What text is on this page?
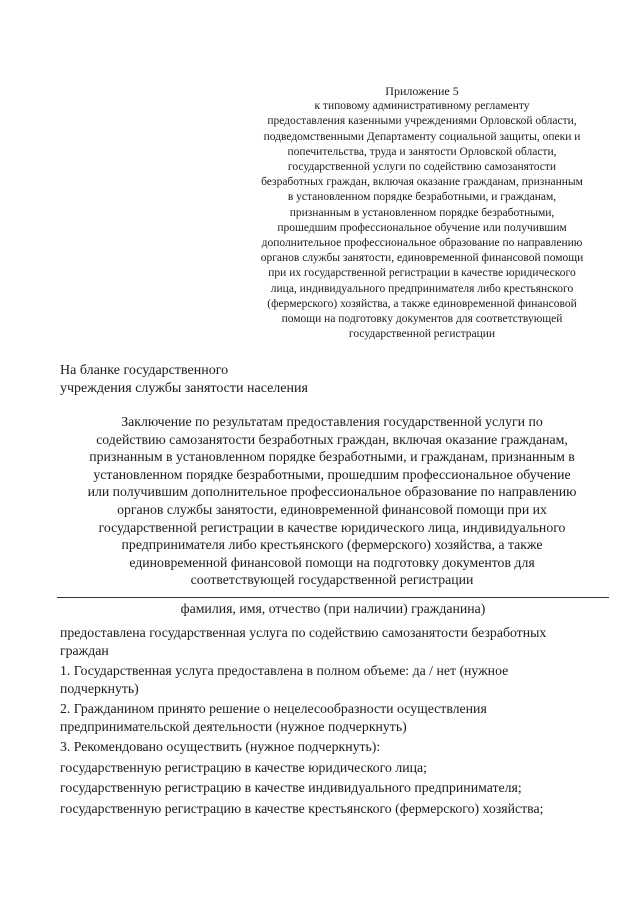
Приложение 5
к типовому административному регламенту
предоставления казенными учреждениями Орловской области,
подведомственными Департаменту социальной защиты, опеки и
попечительства, труда и занятости Орловской области,
государственной услуги по содействию самозанятости
безработных граждан, включая оказание гражданам, признанным
в установленном порядке безработными, и гражданам,
признанным в установленном порядке безработными,
прошедшим профессиональное обучение или получившим
дополнительное профессиональное образование по направлению
органов службы занятости, единовременной финансовой помощи
при их государственной регистрации в качестве юридического
лица, индивидуального предпринимателя либо крестьянского
(фермерского) хозяйства, а также единовременной финансовой
помощи на подготовку документов для соответствующей
государственной регистрации
На бланке государственного
учреждения службы занятости населения
Заключение по результатам предоставления государственной услуги по
содействию самозанятости безработных граждан, включая оказание гражданам,
признанным в установленном порядке безработными, и гражданам, признанным в
установленном порядке безработными, прошедшим профессиональное обучение
или получившим дополнительное профессиональное образование по направлению
органов службы занятости, единовременной финансовой помощи при их
государственной регистрации в качестве юридического лица, индивидуального
предпринимателя либо крестьянского (фермерского) хозяйства, а также
единовременной финансовой помощи на подготовку документов для
соответствующей государственной регистрации
фамилия, имя, отчество (при наличии) гражданина)
предоставлена государственная услуга по содействию самозанятости безработных
граждан
1. Государственная услуга предоставлена в полном объеме: да / нет (нужное
подчеркнуть)
2. Гражданином принято решение о нецелесообразности осуществления
предпринимательской деятельности (нужное подчеркнуть)
3. Рекомендовано осуществить (нужное подчеркнуть):
государственную регистрацию в качестве юридического лица;
государственную регистрацию в качестве индивидуального предпринимателя;
государственную регистрацию в качестве крестьянского (фермерского) хозяйства;
